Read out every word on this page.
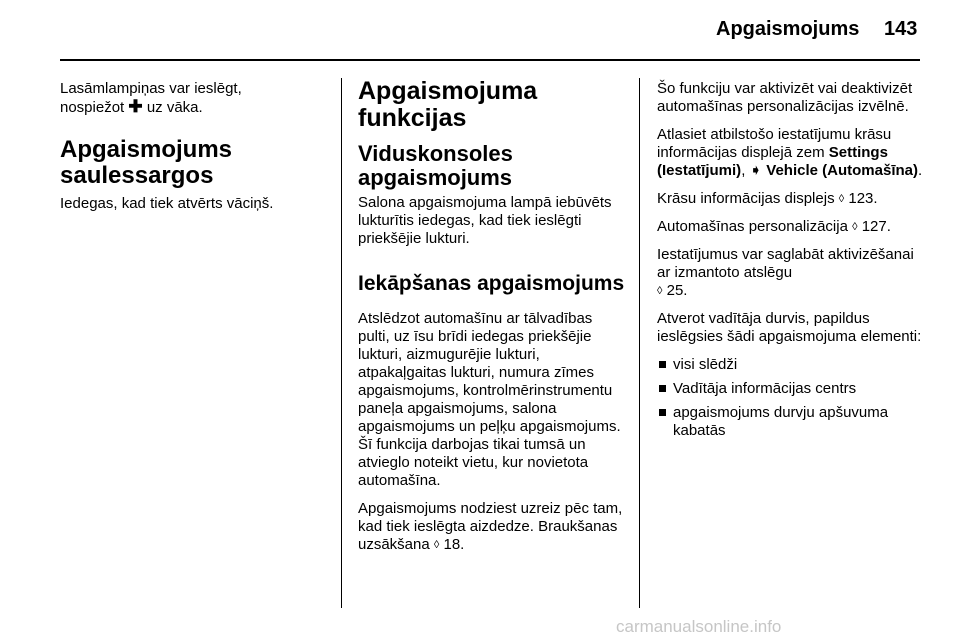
Apgaismojums 143

Lasāmlampiņas var ieslēgt,
nospiežot ✚ uz vāka.

Apgaismojums saulessargos

Iedegas, kad tiek atvērts vāciņš.

Apgaismojuma funkcijas
Viduskonsoles apgaismojums

Salona apgaismojuma lampā iebūvēts lukturītis iedegas, kad tiek ieslēgti priekšējie lukturi.

Iekāpšanas apgaismojums

Atslēdzot automašīnu ar tālvadības pulti, uz īsu brīdi iedegas priekšējie lukturi, aizmugurējie lukturi, atpakaļgaitas lukturi, numura zīmes apgaismojums, kontrolmērinstrumentu paneļa apgaismojums, salona apgaismojums un peļķu apgaismojums. Šī funkcija darbojas tikai tumsā un atvieglo noteikt vietu, kur novietota automašīna.

Apgaismojums nodziest uzreiz pēc tam, kad tiek ieslēgta aizdedze. Braukšanas uzsākšana ◊ 18.

Šo funkciju var aktivizēt vai deaktivizēt automašīnas personalizācijas izvēlnē.

Atlasiet atbilstošo iestatījumu krāsu informācijas displejā zem Settings (Iestatījumi), ➧ Vehicle (Automašīna).

Krāsu informācijas displejs ◊ 123.

Automašīnas personalizācija ◊ 127.

Iestatījumus var saglabāt aktivizēšanai ar izmantoto atslēgu
◊ 25.

Atverot vadītāja durvis, papildus ieslēgsies šādi apgaismojuma elementi:

visi slēdži
Vadītāja informācijas centrs
apgaismojums durvju apšuvuma kabatās
carmanualsonline.info
